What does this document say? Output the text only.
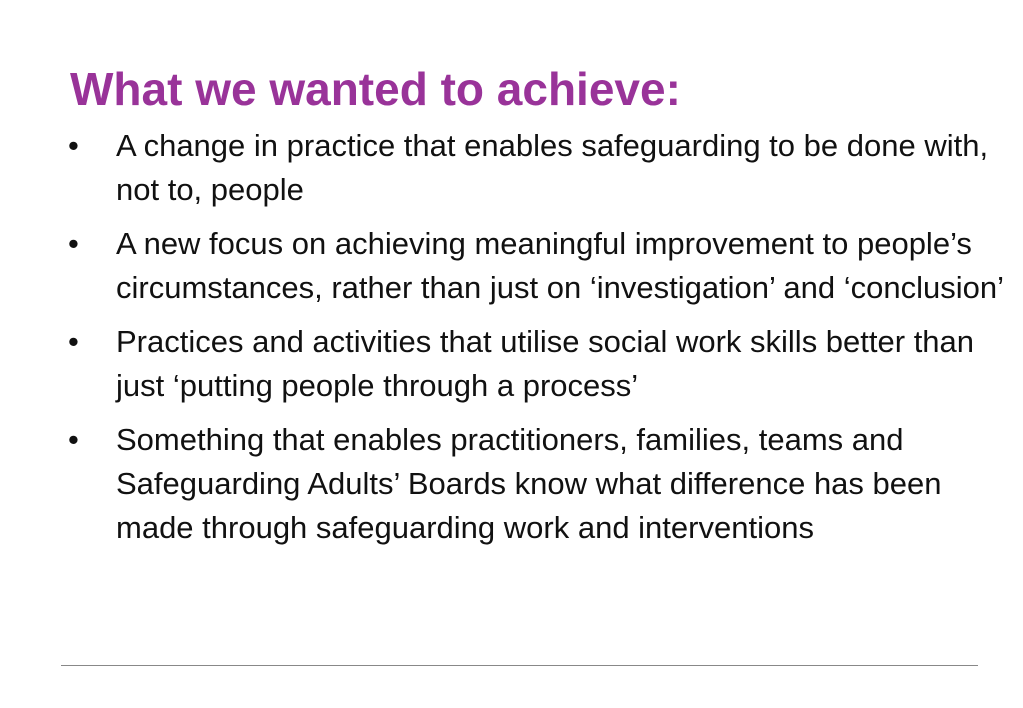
What we wanted to achieve:
• A change in practice that enables safeguarding to be done with, not to, people
• A new focus on achieving meaningful improvement to people’s circumstances, rather than just on ‘investigation’ and ‘conclusion’
• Practices and activities that utilise social work skills better than just ‘putting people through a process’
• Something that enables practitioners, families, teams and Safeguarding Adults’ Boards know what difference has been made through safeguarding work and interventions
